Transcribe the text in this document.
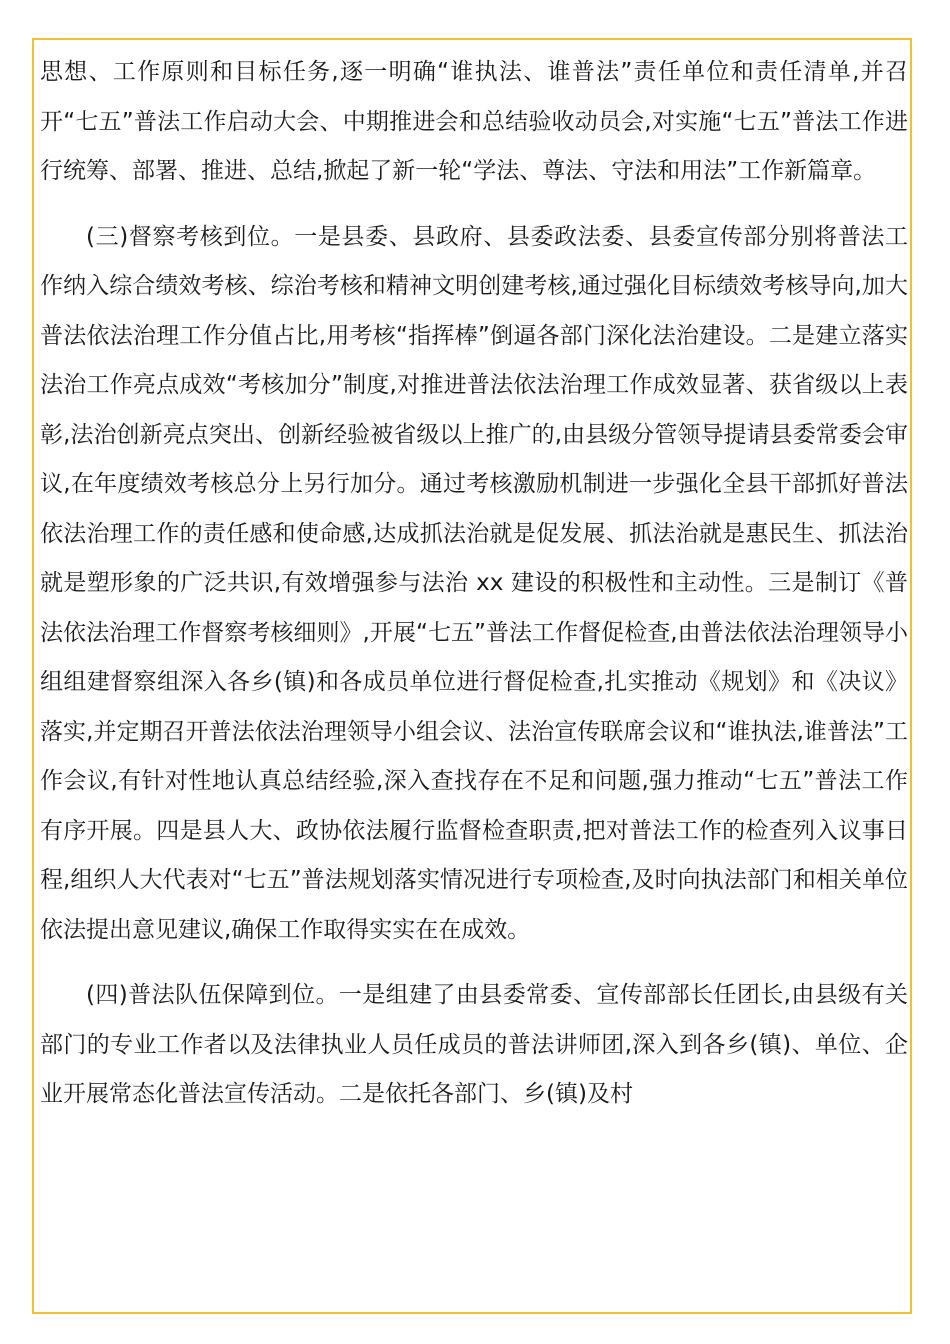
思想、工作原则和目标任务,逐一明确“谁执法、谁普法”责任单位和责任清单,并召开“七五”普法工作启动大会、中期推进会和总结验收动员会,对实施“七五”普法工作进行统筹、部署、推进、总结,掀起了新一轮“学法、尊法、守法和用法”工作新篇章。

(三)督察考核到位。一是县委、县政府、县委政法委、县委宣传部分别将普法工作纳入综合绩效考核、综治考核和精神文明创建考核,通过强化目标绩效考核导向,加大普法依法治理工作分值占比,用考核“指挥棒”倒逼各部门深化法治建设。二是建立落实法治工作亮点成效“考核加分”制度,对推进普法依法治理工作成效显著、获省级以上表彰,法治创新亮点突出、创新经验被省级以上推广的,由县级分管领导提请县委常委会审议,在年度绩效考核总分上另行加分。通过考核激励机制进一步强化全县干部抓好普法依法治理工作的责任感和使命感,达成抓法治就是促发展、抓法治就是惠民生、抓法治就是塑形象的广泛共识,有效增强参与法治 xx 建设的积极性和主动性。三是制订《普法依法治理工作督察考核细则》,开展“七五”普法工作督促检查,由普法依法治理领导小组组建督察组深入各乡(镇)和各成员单位进行督促检查,扎实推动《规划》和《决议》落实,并定期召开普法依法治理领导小组会议、法治宣传联席会议和“谁执法,谁普法”工作会议,有针对性地认真总结经验,深入查找存在不足和问题,强力推动“七五”普法工作有序开展。四是县人大、政协依法履行监督检查职责,把对普法工作的检查列入议事日程,组织人大代表对“七五”普法规划落实情况进行专项检查,及时向执法部门和相关单位依法提出意见建议,确保工作取得实实在在成效。

(四)普法队伍保障到位。一是组建了由县委常委、宣传部部长任团长,由县级有关部门的专业工作者以及法律执业人员任成员的普法讲师团,深入到各乡(镇)、单位、企业开展常态化普法宣传活动。二是依托各部门、乡(镇)及村
